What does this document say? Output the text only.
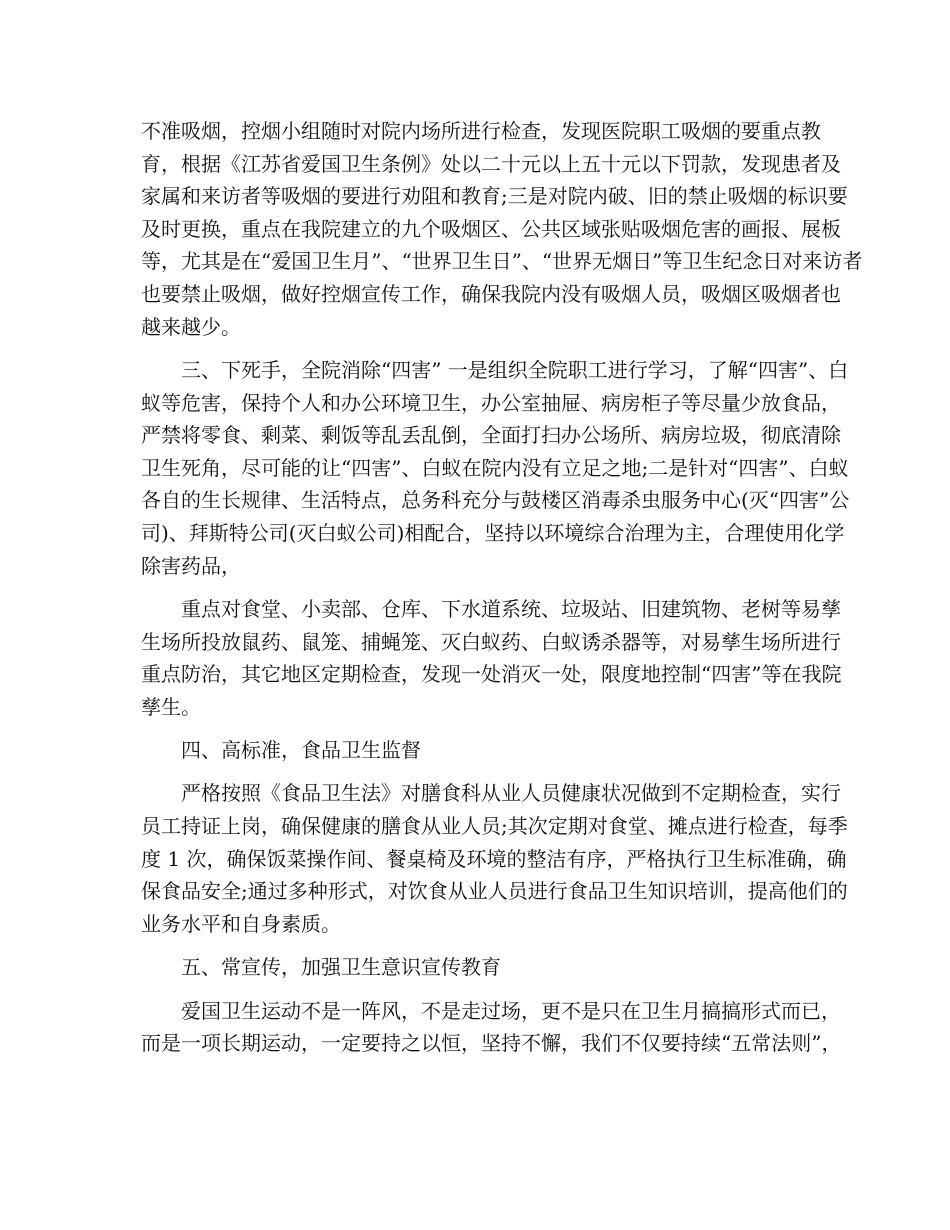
不准吸烟，控烟小组随时对院内场所进行检查，发现医院职工吸烟的要重点教
育，根据《江苏省爱国卫生条例》处以二十元以上五十元以下罚款，发现患者及
家属和来访者等吸烟的要进行劝阻和教育;三是对院内破、旧的禁止吸烟的标识要
及时更换，重点在我院建立的九个吸烟区、公共区域张贴吸烟危害的画报、展板
等，尤其是在“爱国卫生月”、“世界卫生日”、“世界无烟日”等卫生纪念日对来访者
也要禁止吸烟，做好控烟宣传工作，确保我院内没有吸烟人员，吸烟区吸烟者也
越来越少。
三、下死手，全院消除“四害” 一是组织全院职工进行学习，了解“四害”、白
蚁等危害，保持个人和办公环境卫生，办公室抽屉、病房柜子等尽量少放食品，
严禁将零食、剩菜、剩饭等乱丢乱倒，全面打扫办公场所、病房垃圾，彻底清除
卫生死角，尽可能的让“四害”、白蚁在院内没有立足之地;二是针对“四害”、白蚁
各自的生长规律、生活特点，总务科充分与鼓楼区消毒杀虫服务中心(灭“四害”公
司)、拜斯特公司(灭白蚁公司)相配合，坚持以环境综合治理为主，合理使用化学
除害药品，
重点对食堂、小卖部、仓库、下水道系统、垃圾站、旧建筑物、老树等易孳
生场所投放鼠药、鼠笼、捕蝇笼、灭白蚁药、白蚁诱杀器等，对易孳生场所进行
重点防治，其它地区定期检查，发现一处消灭一处，限度地控制“四害”等在我院
孳生。
四、高标准，食品卫生监督
严格按照《食品卫生法》对膳食科从业人员健康状况做到不定期检查，实行
员工持证上岗，确保健康的膳食从业人员;其次定期对食堂、摊点进行检查，每季
度 1 次，确保饭菜操作间、餐桌椅及环境的整洁有序，严格执行卫生标准确，确
保食品安全;通过多种形式，对饮食从业人员进行食品卫生知识培训，提高他们的
业务水平和自身素质。
五、常宣传，加强卫生意识宣传教育
爱国卫生运动不是一阵风，不是走过场，更不是只在卫生月搞搞形式而已，
而是一项长期运动，一定要持之以恒，坚持不懈，我们不仅要持续“五常法则”，
